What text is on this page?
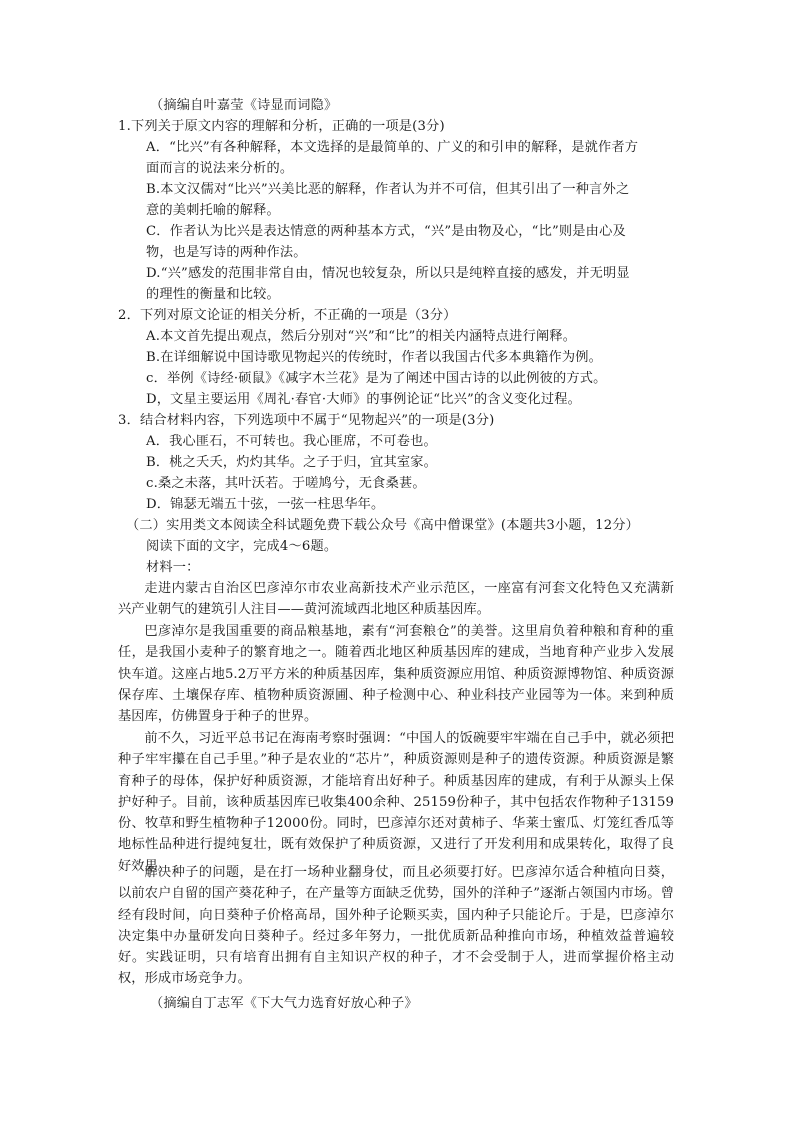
（摘编自叶嘉莹《诗显而词隐》
1.下列关于原文内容的理解和分析，正确的一项是(3分)
A．“比兴”有各种解释，本文选择的是最简单的、广义的和引申的解释，是就作者方
面而言的说法来分析的。
B.本文汉儒对“比兴”兴美比恶的解释，作者认为并不可信，但其引出了一种言外之
意的美刺托喻的解释。
C．作者认为比兴是表达情意的两种基本方式，“兴”是由物及心，“比”则是由心及
物，也是写诗的两种作法。
D.“兴”感发的范围非常自由，情况也较复杂，所以只是纯粹直接的感发，并无明显
的理性的衡量和比较。
2．下列对原文论证的相关分析，不正确的一项是（3分）
A.本文首先提出观点，然后分别对“兴”和“比”的相关内涵特点进行阐释。
B.在详细解说中国诗歌见物起兴的传统时，作者以我国古代多本典籍作为例。
c．举例《诗经·硕鼠》《减字木兰花》是为了阐述中国古诗的以此例彼的方式。
D，文星主要运用《周礼·春官·大师》的事例论证“比兴”的含义变化过程。
3．结合材料内容，下列选项中不属于“见物起兴”的一项是(3分)
A．我心匪石，不可转也。我心匪席，不可卷也。
B．桃之夭夭，灼灼其华。之子于归，宜其室家。
c.桑之未落，其叶沃若。于嗟鸠兮，无食桑葚。
D．锦瑟无端五十弦，一弦一柱思华年。
（二）实用类文本阅读全科试题免费下载公众号《高中僧课堂》(本题共3小题，12分）
阅读下面的文字，完成4～6题。
材料一：
走进内蒙古自治区巴彦淖尔市农业高新技术产业示范区，一座富有河套文化特色又充满新兴产业朝气的建筑引人注目——黄河流域西北地区种质基因库。
巴彦淖尔是我国重要的商品粮基地，素有“河套粮仓”的美誉。这里肩负着种粮和育种的重任，是我国小麦种子的繁育地之一。随着西北地区种质基因库的建成，当地育种产业步入发展快车道。这座占地5.2万平方米的种质基因库，集种质资源应用馆、种质资源博物馆、种质资源保存库、土壤保存库、植物种质资源圃、种子检测中心、种业科技产业园等为一体。来到种质基因库，仿佛置身于种子的世界。
前不久，习近平总书记在海南考察时强调：“中国人的饭碗要牢牢端在自己手中，就必须把种子牢牢攥在自己手里。”种子是农业的“芯片”，种质资源则是种子的遗传资源。种质资源是繁育种子的母体，保护好种质资源，才能培育出好种子。种质基因库的建成，有利于从源头上保护好种子。目前，该种质基因库已收集400余种、25159份种子，其中包括农作物种子13159份、牧草和野生植物种子12000份。同时，巴彦淖尔还对黄柿子、华莱士蜜瓜、灯笼红香瓜等地标性品种进行提纯复壮，既有效保护了种质资源，又进行了开发利用和成果转化，取得了良好效果。
解决种子的问题，是在打一场种业翻身仗，而且必须要打好。巴彦淖尔适合种植向日葵，以前农户自留的国产葵花种子，在产量等方面缺乏优势，国外的洋种子”逐渐占领国内市场。曾经有段时间，向日葵种子价格高昂，国外种子论颗买卖，国内种子只能论斤。于是，巴彦淖尔决定集中办量研发向日葵种子。经过多年努力，一批优质新品种推向市场，种植效益普遍较好。实践证明，只有培育出拥有自主知识产权的种子，才不会受制于人，进而掌握价格主动权，形成市场竞争力。
（摘编自丁志军《下大气力选育好放心种子》
